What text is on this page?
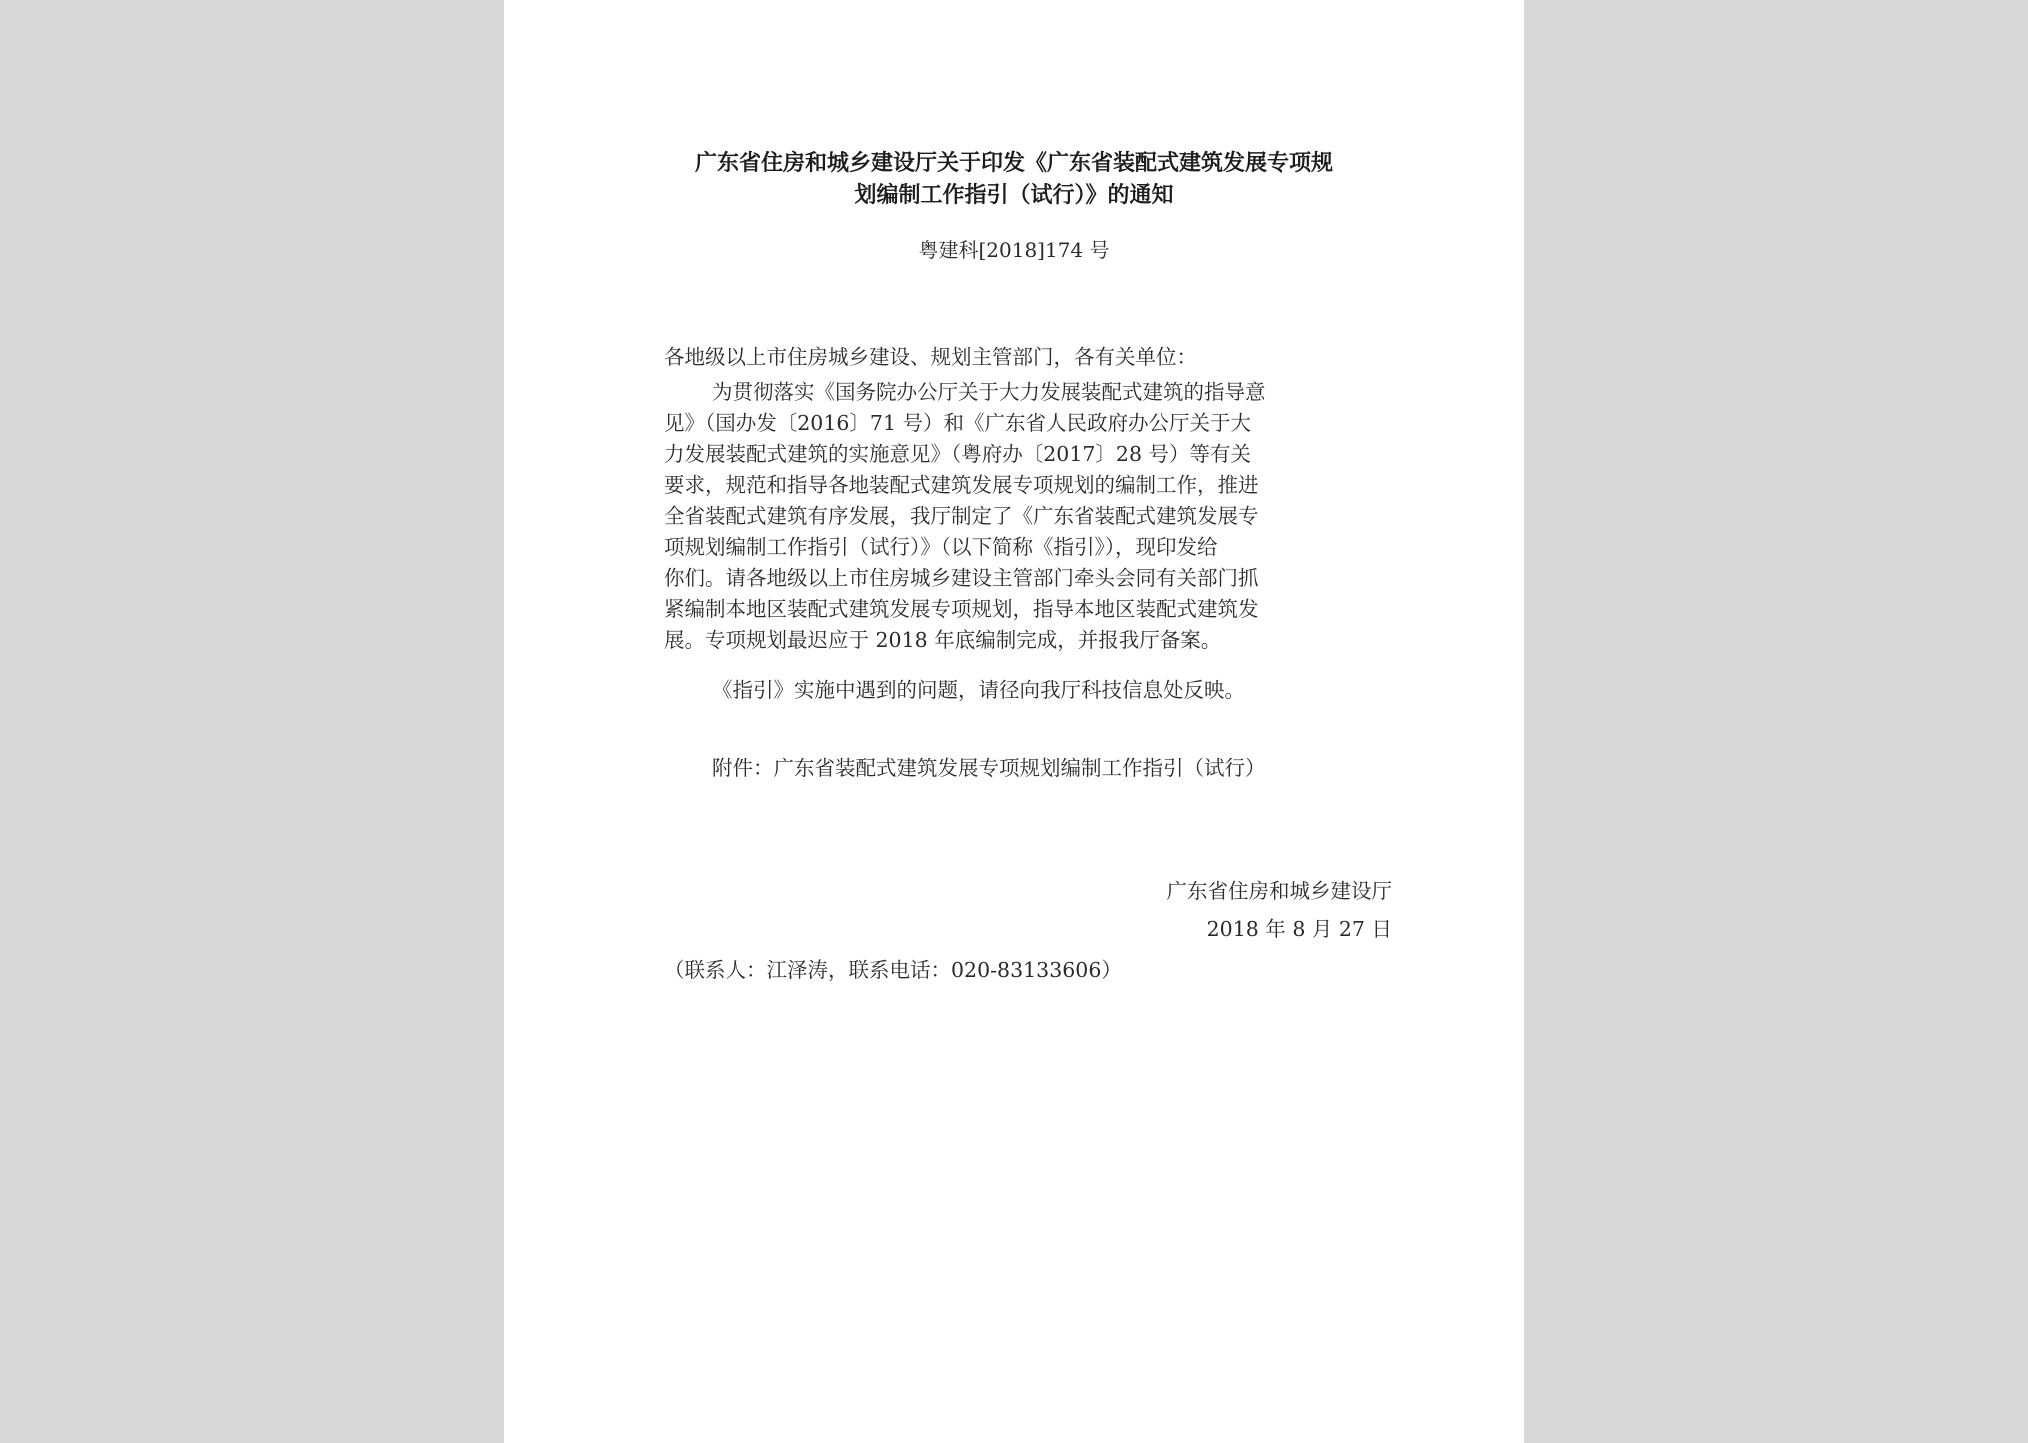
广东省住房和城乡建设厅关于印发《广东省装配式建筑发展专项规
划编制工作指引（试行）》的通知
粤建科[2018]174 号

各地级以上市住房城乡建设、规划主管部门，各有关单位：

为贯彻落实《国务院办公厅关于大力发展装配式建筑的指导意
见》（国办发〔2016〕71 号）和《广东省人民政府办公厅关于大
力发展装配式建筑的实施意见》（粤府办〔2017〕28 号）等有关
要求，规范和指导各地装配式建筑发展专项规划的编制工作，推进
全省装配式建筑有序发展，我厅制定了《广东省装配式建筑发展专
项规划编制工作指引（试行）》（以下简称《指引》），现印发给
你们。请各地级以上市住房城乡建设主管部门牵头会同有关部门抓
紧编制本地区装配式建筑发展专项规划，指导本地区装配式建筑发
展。专项规划最迟应于 2018 年底编制完成，并报我厅备案。

《指引》实施中遇到的问题，请径向我厅科技信息处反映。
附件：广东省装配式建筑发展专项规划编制工作指引（试行）
广东省住房和城乡建设厅
2018 年 8 月 27 日
（联系人：江泽涛，联系电话：020-83133606）
